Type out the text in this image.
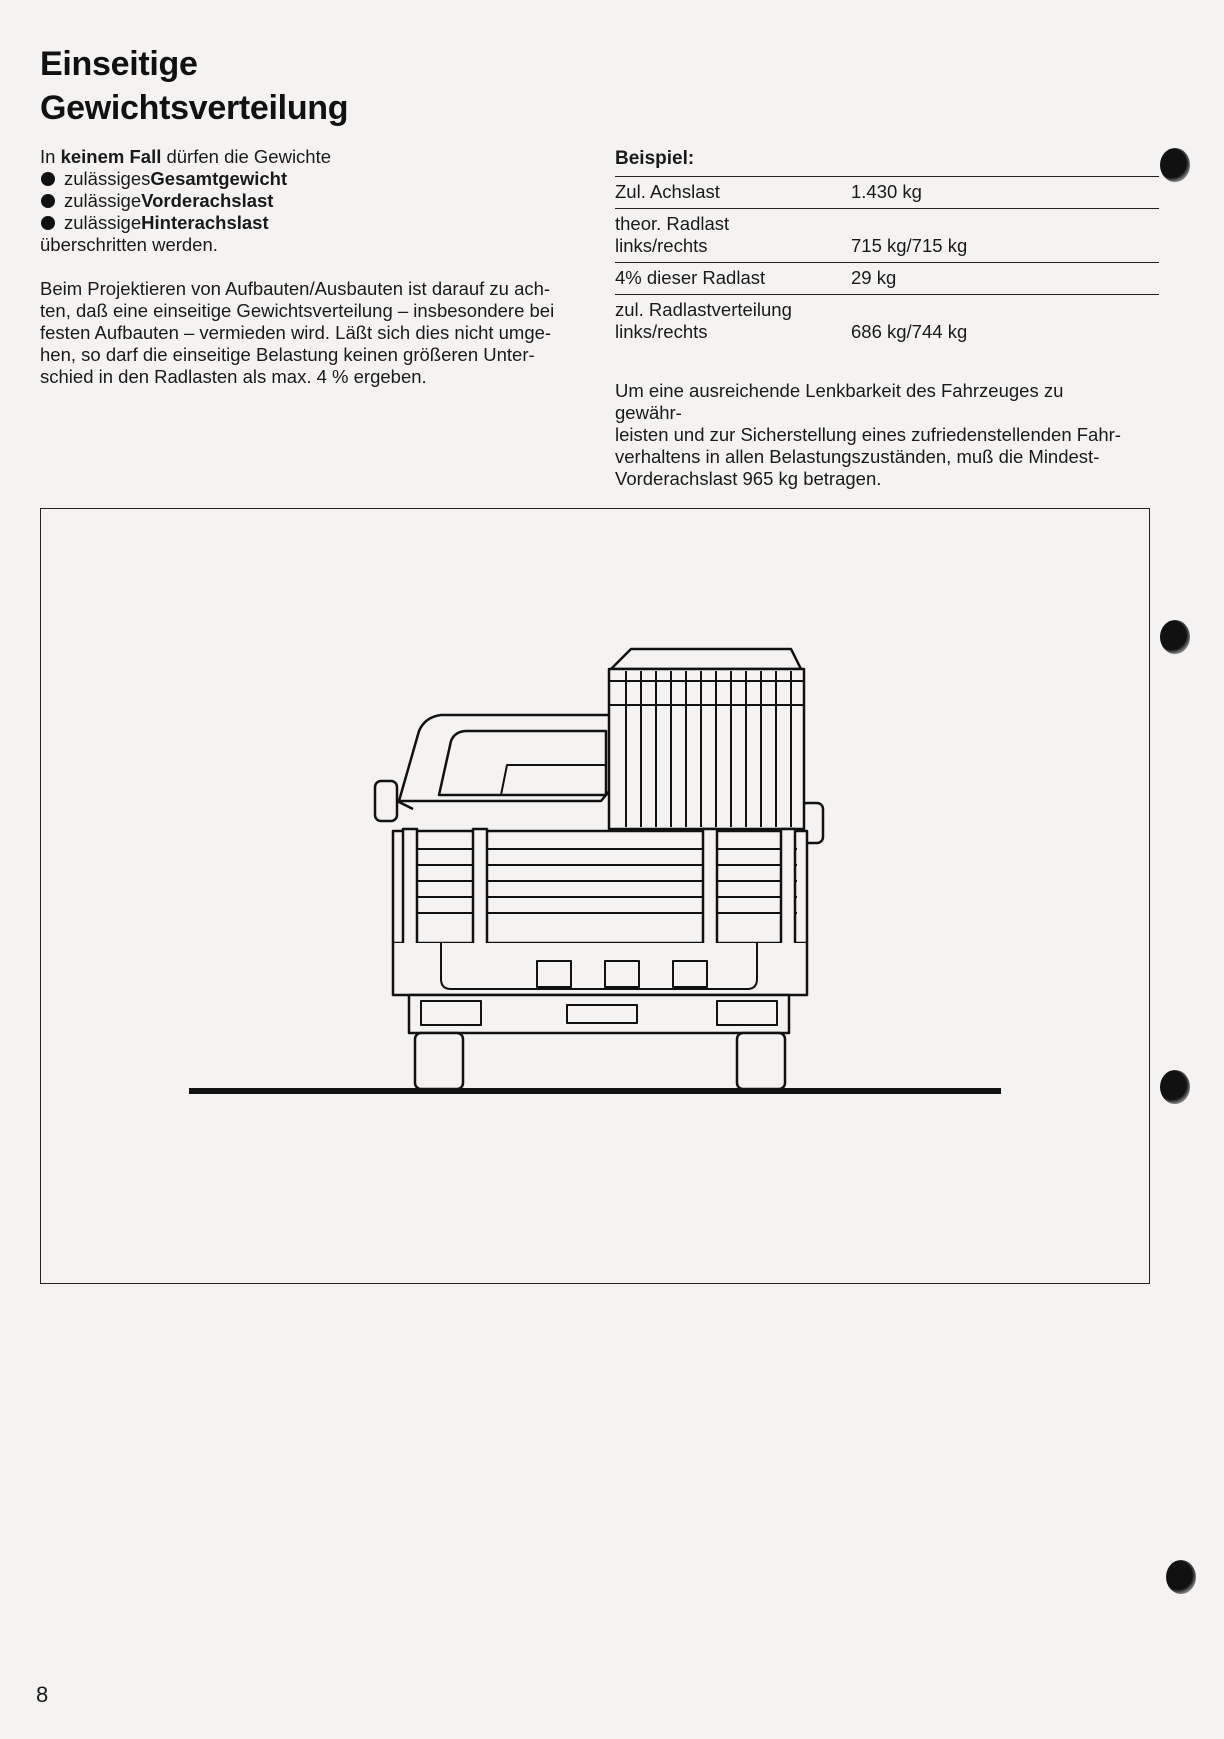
Einseitige
Gewichtsverteilung

In keinem Fall dürfen die Gewichte

zulässiges Gesamtgewicht
zulässige Vorderachslast
zulässige Hinterachslast

überschritten werden.

Beim Projektieren von Aufbauten/Ausbauten ist darauf zu ach-
ten, daß eine einseitige Gewichtsverteilung – insbesondere bei
festen Aufbauten – vermieden wird. Läßt sich dies nicht umge-
hen, so darf die einseitige Belastung keinen größeren Unter-
schied in den Radlasten als max. 4 % ergeben.

Beispiel:
Zul. Achslast	1.430 kg
theor. Radlast
links/rechts	715 kg/715 kg
4% dieser Radlast	29 kg
zul. Radlastverteilung
links/rechts	686 kg/744 kg

Um eine ausreichende Lenkbarkeit des Fahrzeuges zu gewähr-
leisten und zur Sicherstellung eines zufriedenstellenden Fahr-
verhaltens in allen Belastungszuständen, muß die Mindest-
Vorderachslast 965 kg betragen.

8
